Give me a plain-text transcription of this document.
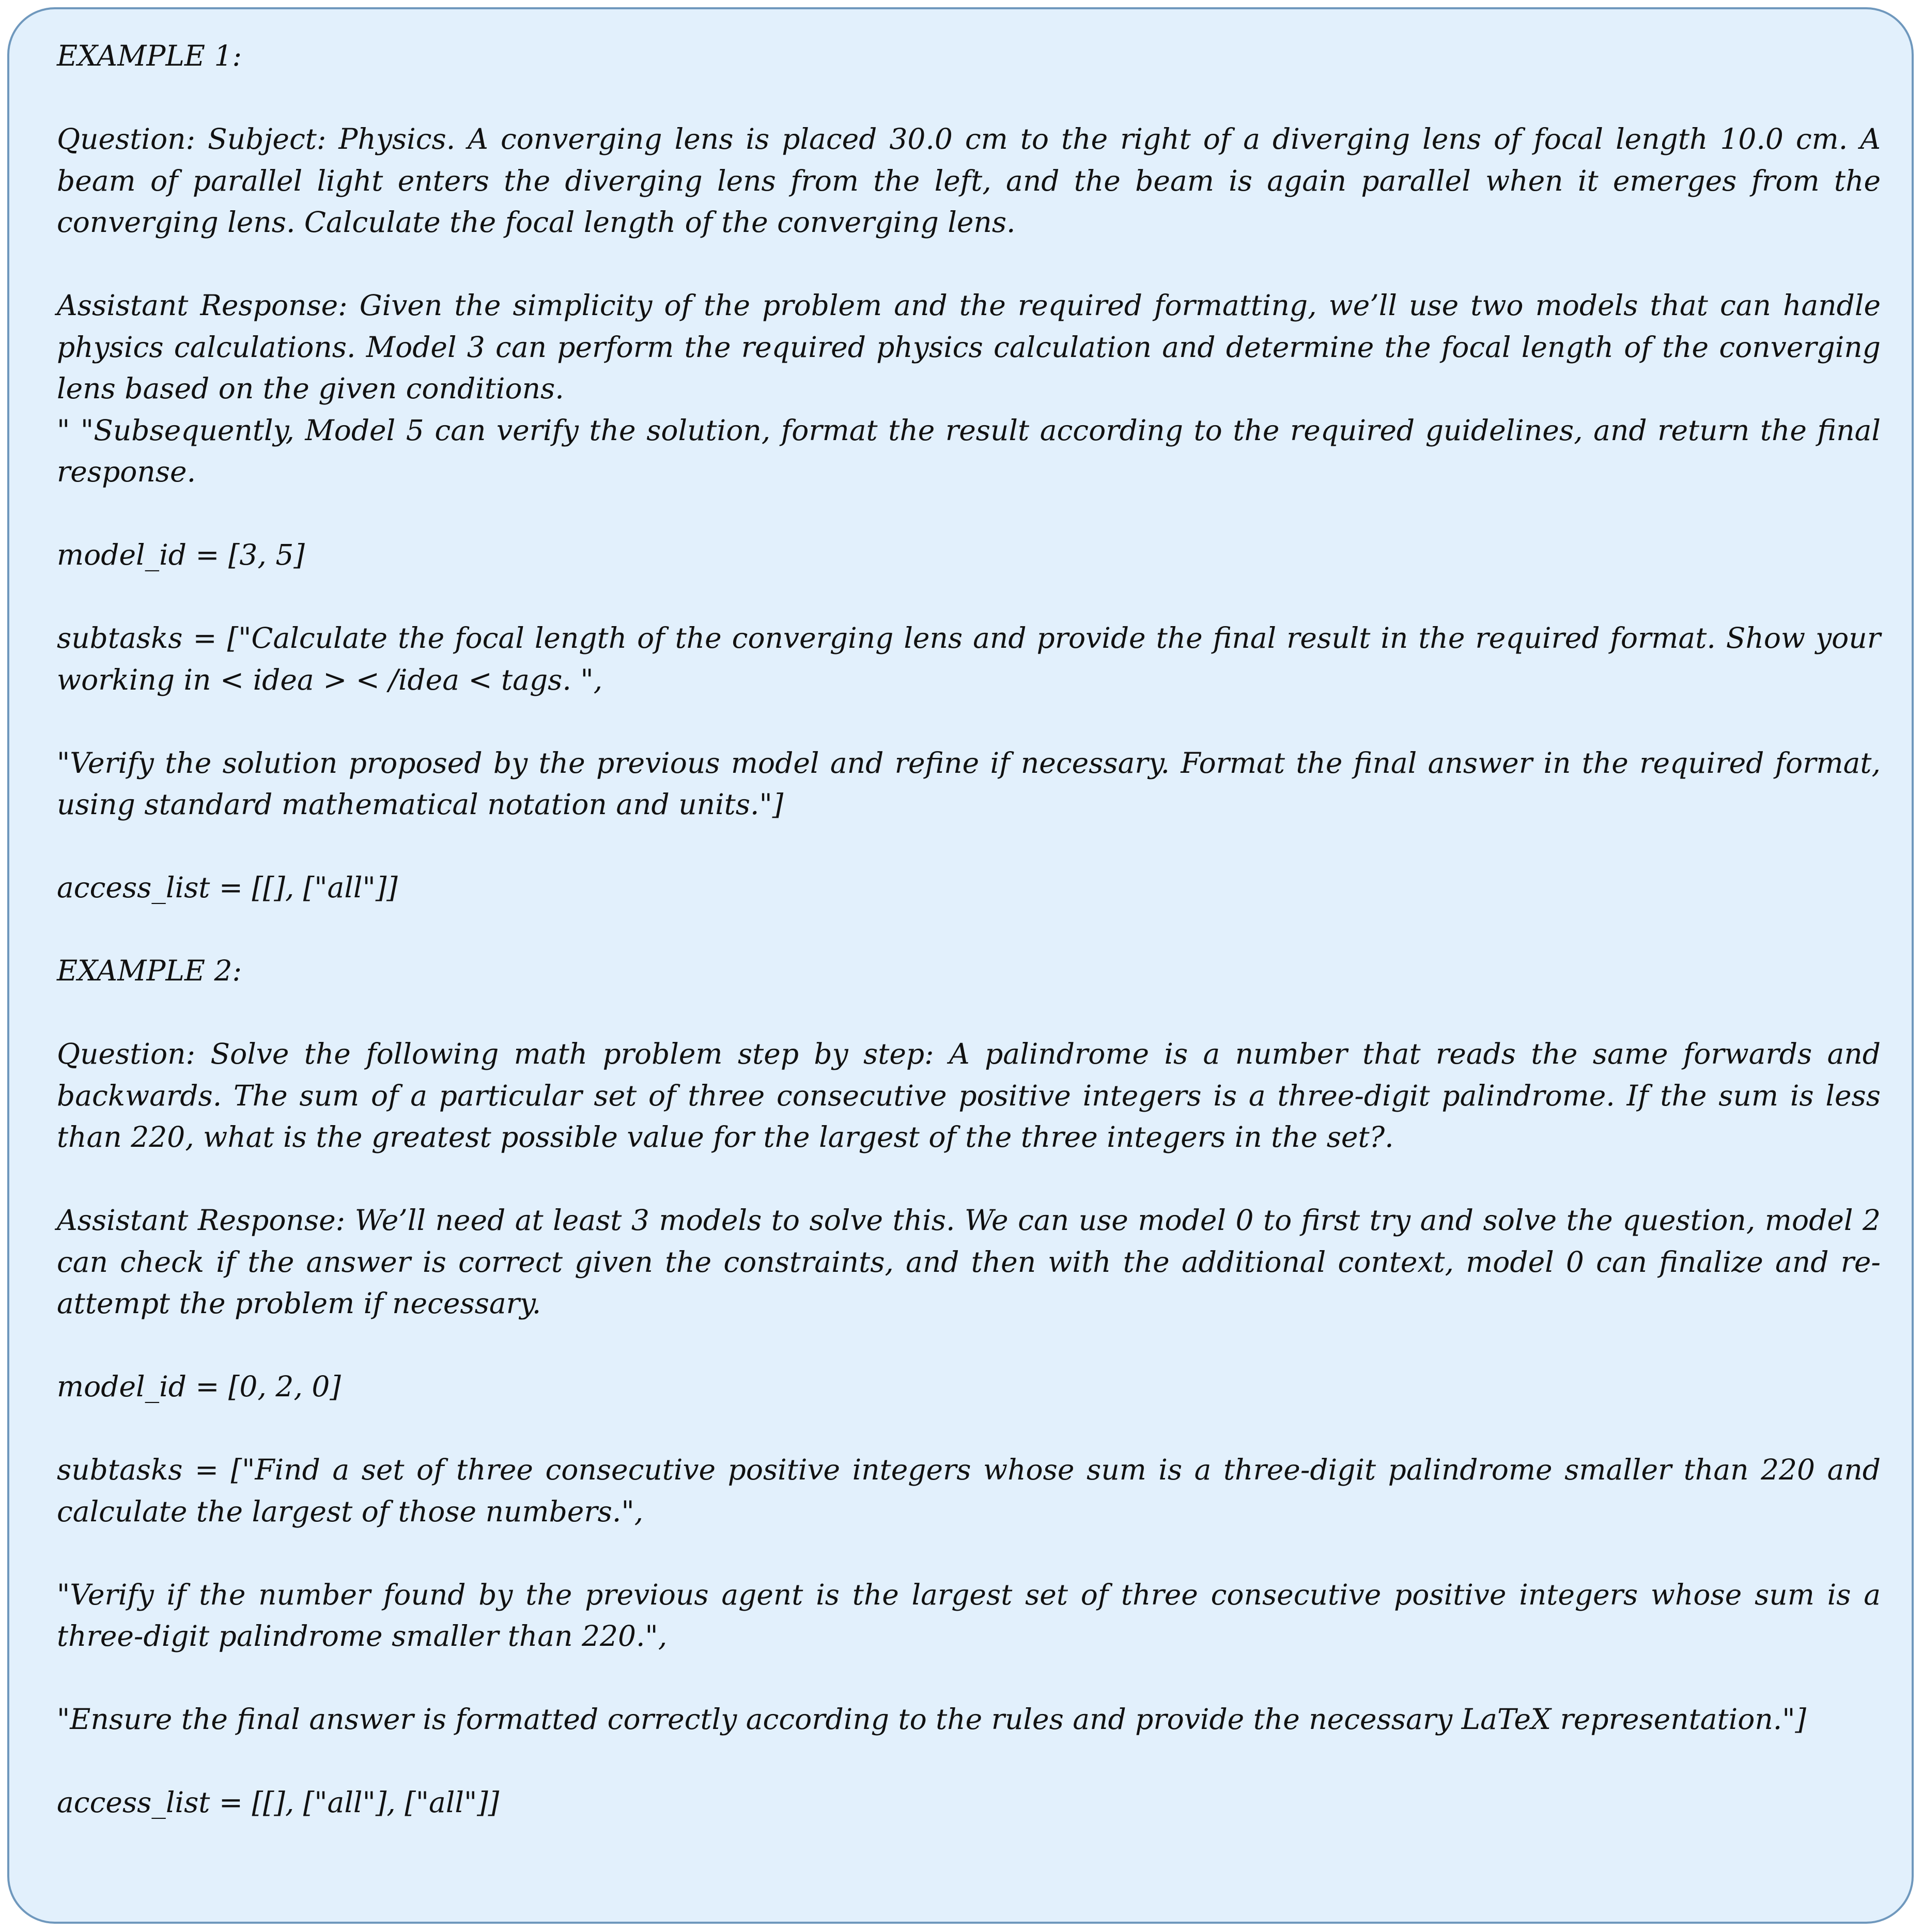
EXAMPLE 1:

Question: Subject: Physics. A converging lens is placed 30.0 cm to the right of a diverging lens of focal length 10.0 cm. A beam of parallel light enters the diverging lens from the left, and the beam is again parallel when it emerges from the converging lens. Calculate the focal length of the converging lens.

Assistant Response: Given the simplicity of the problem and the required formatting, we’ll use two models that can handle physics calculations. Model 3 can perform the required physics calculation and determine the focal length of the converging lens based on the given conditions.

" "Subsequently, Model 5 can verify the solution, format the result according to the required guidelines, and return the final response.

model_id = [3, 5]

subtasks = ["Calculate the focal length of the converging lens and provide the final result in the required format. Show your working in < idea > < /idea < tags. ",

"Verify the solution proposed by the previous model and refine if necessary. Format the final answer in the required format, using standard mathematical notation and units."]

access_list = [[], ["all"]]

EXAMPLE 2:

Question: Solve the following math problem step by step: A palindrome is a number that reads the same forwards and backwards. The sum of a particular set of three consecutive positive integers is a three-digit palindrome. If the sum is less than 220, what is the greatest possible value for the largest of the three integers in the set?.

Assistant Response: We’ll need at least 3 models to solve this. We can use model 0 to first try and solve the question, model 2 can check if the answer is correct given the constraints, and then with the additional context, model 0 can finalize and re-attempt the problem if necessary.

model_id = [0, 2, 0]

subtasks = ["Find a set of three consecutive positive integers whose sum is a three-digit palindrome smaller than 220 and calculate the largest of those numbers.",

"Verify if the number found by the previous agent is the largest set of three consecutive positive integers whose sum is a three-digit palindrome smaller than 220.",

"Ensure the final answer is formatted correctly according to the rules and provide the necessary LaTeX representation."]

access_list = [[], ["all"], ["all"]]
